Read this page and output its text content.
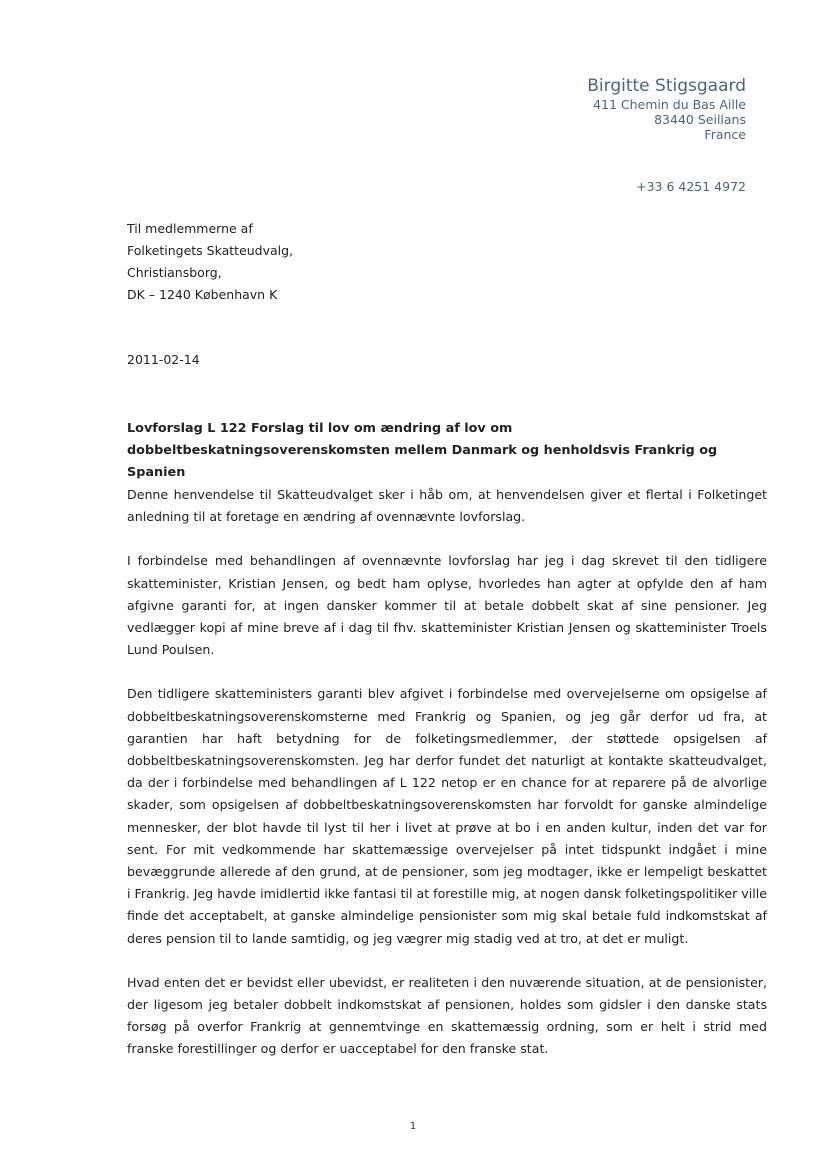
Birgitte Stigsgaard
411 Chemin du Bas Aille
83440 Seillans
France
+33 6 4251 4972
Til medlemmerne af
Folketingets Skatteudvalg,
Christiansborg,
DK – 1240 København K
2011-02-14
Lovforslag L 122 Forslag til lov om ændring af lov om dobbeltbeskatningsoverenskomsten mellem Danmark og henholdsvis Frankrig og Spanien

Denne henvendelse til Skatteudvalget sker i håb om, at henvendelsen giver et flertal i Folketinget anledning til at foretage en ændring af ovennævnte lovforslag.

I forbindelse med behandlingen af ovennævnte lovforslag har jeg i dag skrevet til den tidligere skatteminister, Kristian Jensen, og bedt ham oplyse, hvorledes han agter at opfylde den af ham afgivne garanti for, at ingen dansker kommer til at betale dobbelt skat af sine pensioner. Jeg vedlægger kopi af mine breve af i dag til fhv. skatteminister Kristian Jensen og skatteminister Troels Lund Poulsen.

Den tidligere skatteministers garanti blev afgivet i forbindelse med overvejelserne om opsigelse af dobbeltbeskatningsoverenskomsterne med Frankrig og Spanien, og jeg går derfor ud fra, at garantien har haft betydning for de folketingsmedlemmer, der støttede opsigelsen af dobbeltbeskatningsoverenskomsten. Jeg har derfor fundet det naturligt at kontakte skatteudvalget, da der i forbindelse med behandlingen af L 122 netop er en chance for at reparere på de alvorlige skader, som opsigelsen af dobbeltbeskatningsoverenskomsten har forvoldt for ganske almindelige mennesker, der blot havde til lyst til her i livet at prøve at bo i en anden kultur, inden det var for sent. For mit vedkommende har skattemæssige overvejelser på intet tidspunkt indgået i mine bevæggrunde allerede af den grund, at de pensioner, som jeg modtager, ikke er lempeligt beskattet i Frankrig. Jeg havde imidlertid ikke fantasi til at forestille mig, at nogen dansk folketingspolitiker ville finde det acceptabelt, at ganske almindelige pensionister som mig skal betale fuld indkomstskat af deres pension til to lande samtidig, og jeg vægrer mig stadig ved at tro, at det er muligt.

Hvad enten det er bevidst eller ubevidst, er realiteten i den nuværende situation, at de pensionister, der ligesom jeg betaler dobbelt indkomstskat af pensionen, holdes som gidsler i den danske stats forsøg på overfor Frankrig at gennemtvinge en skattemæssig ordning, som er helt i strid med franske forestillinger og derfor er uacceptabel for den franske stat.

1
